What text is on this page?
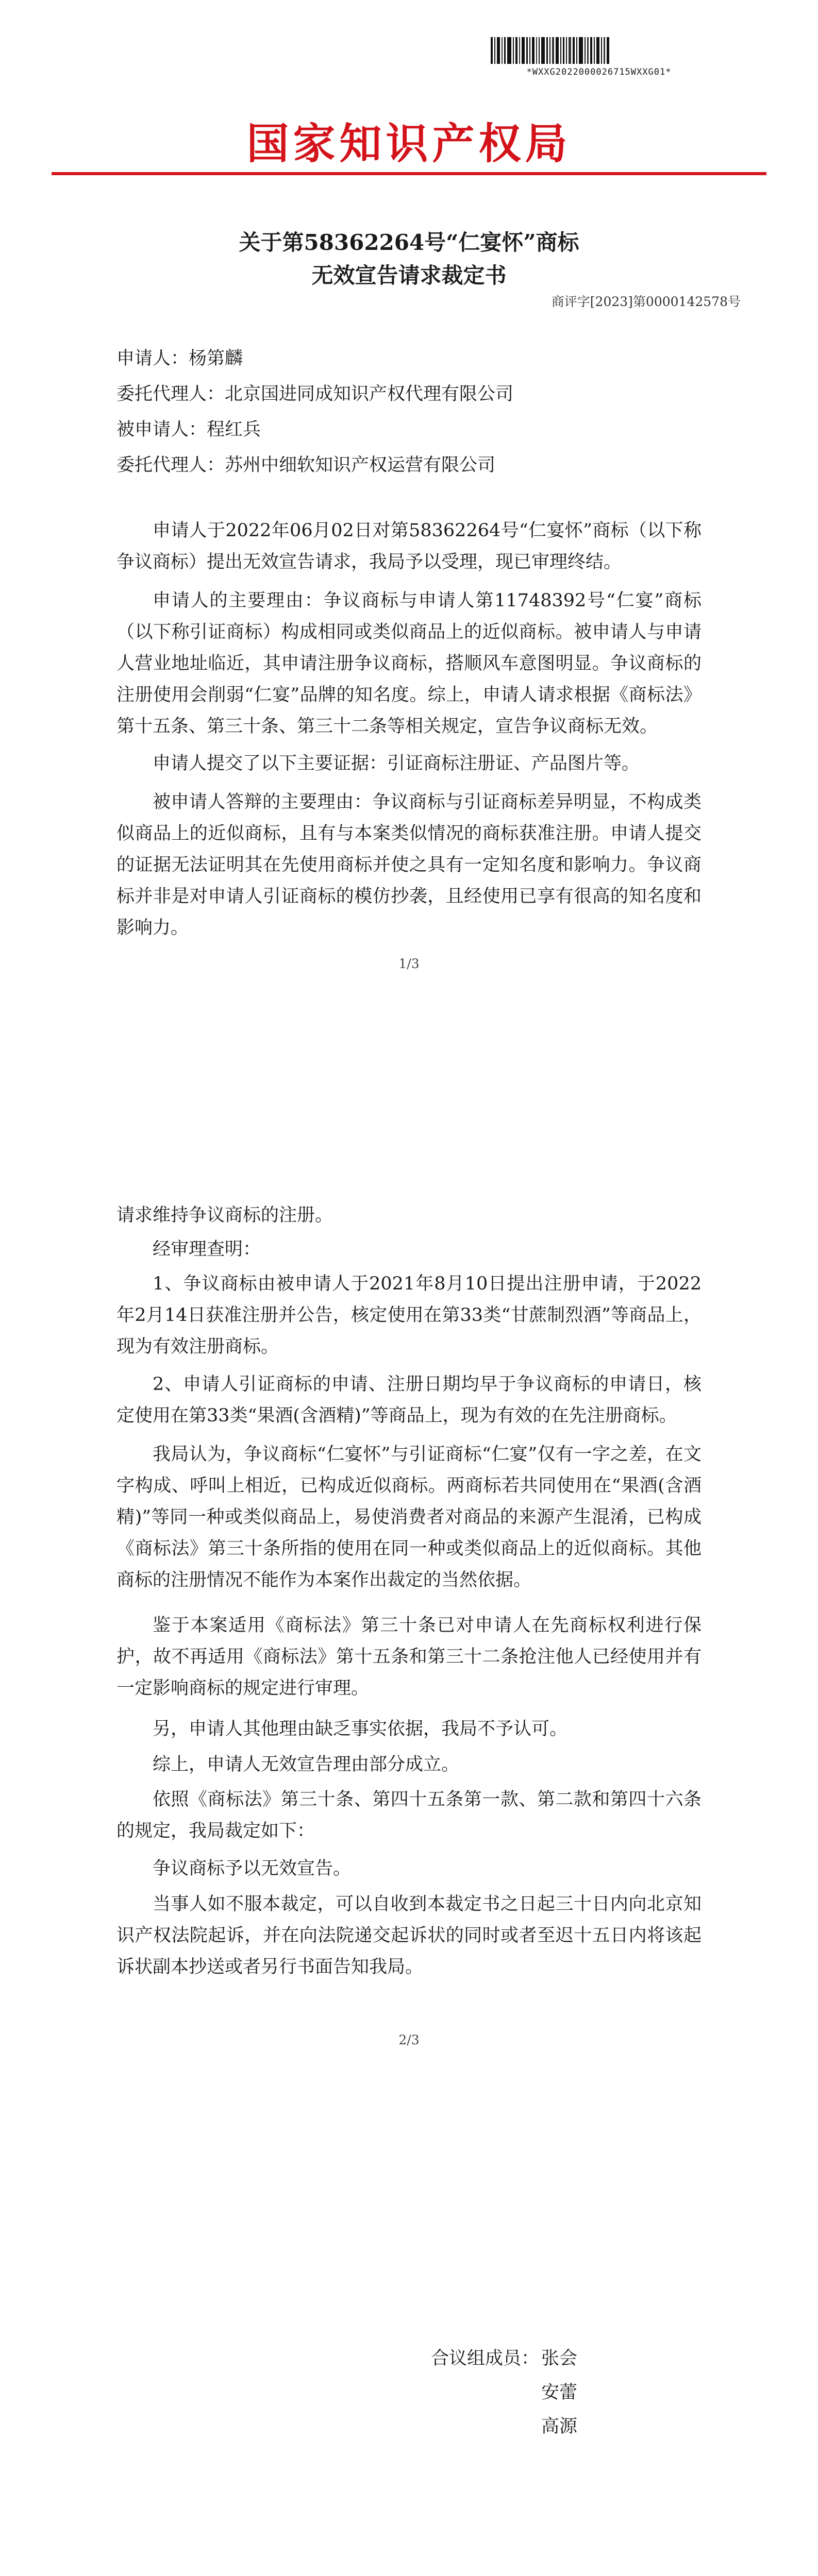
*WXXG2022000026715WXXG01*
国家知识产权局
关于第58362264号“仁宴怀”商标
无效宣告请求裁定书
商评字[2023]第0000142578号
申请人：杨第麟
委托代理人：北京国进同成知识产权代理有限公司
被申请人：程红兵
委托代理人：苏州中细软知识产权运营有限公司

申请人于2022年06月02日对第58362264号“仁宴怀”商标（以下称争议商标）提出无效宣告请求，我局予以受理，现已审理终结。

申请人的主要理由：争议商标与申请人第11748392号“仁宴”商标（以下称引证商标）构成相同或类似商品上的近似商标。被申请人与申请人营业地址临近，其申请注册争议商标，搭顺风车意图明显。争议商标的注册使用会削弱“仁宴”品牌的知名度。综上，申请人请求根据《商标法》第十五条、第三十条、第三十二条等相关规定，宣告争议商标无效。

申请人提交了以下主要证据：引证商标注册证、产品图片等。

被申请人答辩的主要理由：争议商标与引证商标差异明显，不构成类似商品上的近似商标，且有与本案类似情况的商标获准注册。申请人提交的证据无法证明其在先使用商标并使之具有一定知名度和影响力。争议商标并非是对申请人引证商标的模仿抄袭，且经使用已享有很高的知名度和影响力。

1/3

请求维持争议商标的注册。

经审理查明：

1、争议商标由被申请人于2021年8月10日提出注册申请，于2022年2月14日获准注册并公告，核定使用在第33类“甘蔗制烈酒”等商品上，现为有效注册商标。

2、申请人引证商标的申请、注册日期均早于争议商标的申请日，核定使用在第33类“果酒(含酒精)”等商品上，现为有效的在先注册商标。

我局认为，争议商标“仁宴怀”与引证商标“仁宴”仅有一字之差，在文字构成、呼叫上相近，已构成近似商标。两商标若共同使用在“果酒(含酒精)”等同一种或类似商品上，易使消费者对商品的来源产生混淆，已构成《商标法》第三十条所指的使用在同一种或类似商品上的近似商标。其他商标的注册情况不能作为本案作出裁定的当然依据。

鉴于本案适用《商标法》第三十条已对申请人在先商标权利进行保护，故不再适用《商标法》第十五条和第三十二条抢注他人已经使用并有一定影响商标的规定进行审理。

另，申请人其他理由缺乏事实依据，我局不予认可。

综上，申请人无效宣告理由部分成立。

依照《商标法》第三十条、第四十五条第一款、第二款和第四十六条的规定，我局裁定如下：

争议商标予以无效宣告。

当事人如不服本裁定，可以自收到本裁定书之日起三十日内向北京知识产权法院起诉，并在向法院递交起诉状的同时或者至迟十五日内将该起诉状副本抄送或者另行书面告知我局。

2/3
合议组成员： 张会
安蕾
高源
